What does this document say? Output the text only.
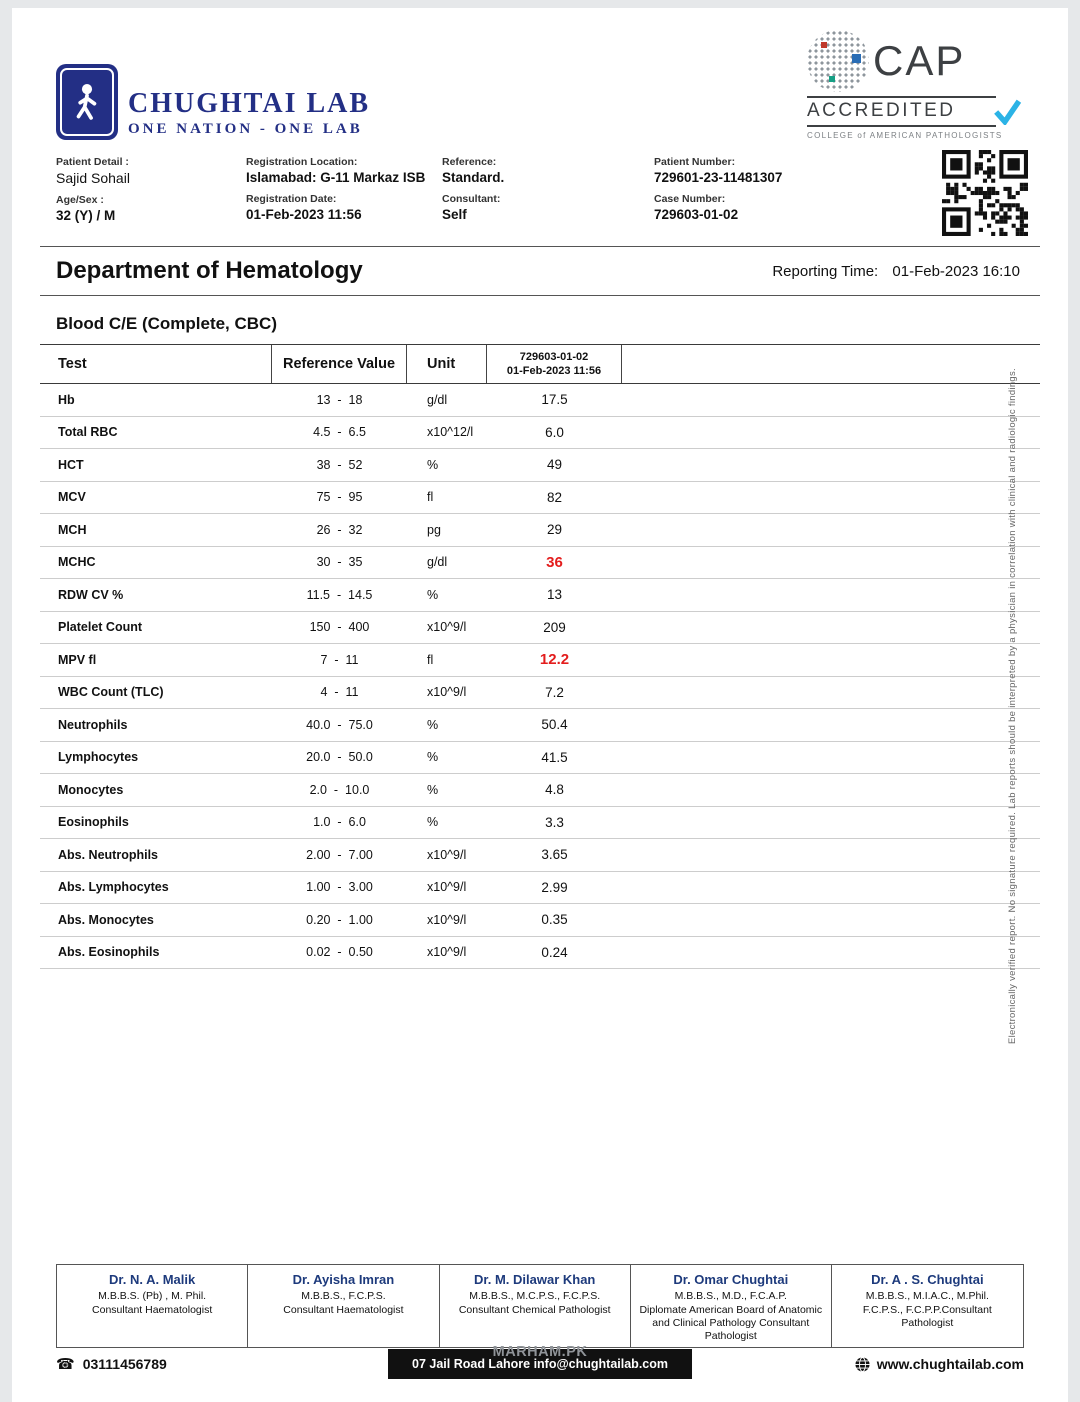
CHUGHTAI LAB
ONE NATION - ONE LAB
CAP
ACCREDITED
COLLEGE of AMERICAN PATHOLOGISTS
Patient Detail :
Sajid Sohail
Age/Sex :
32 (Y) / M
Registration Location:
Islamabad: G-11 Markaz ISB
Registration Date:
01-Feb-2023 11:56
Reference:
Standard.
Consultant:
Self
Patient Number:
729601-23-11481307
Case Number:
729603-01-02
Department of Hematology	Reporting Time: 01-Feb-2023 16:10
Blood C/E (Complete, CBC)
Test	Reference Value	Unit	729603-01-02
01-Feb-2023 11:56
Hb	13  -  18	g/dl	17.5
Total RBC	4.5  -  6.5	x10^12/l	6.0
HCT	38  -  52	%	49
MCV	75  -  95	fl	82
MCH	26  -  32	pg	29
MCHC	30  -  35	g/dl	36
RDW CV %	11.5  -  14.5	%	13
Platelet Count	150  -  400	x10^9/l	209
MPV fl	7  -  11	fl	12.2
WBC Count (TLC)	4  -  11	x10^9/l	7.2
Neutrophils	40.0  -  75.0	%	50.4
Lymphocytes	20.0  -  50.0	%	41.5
Monocytes	2.0  -  10.0	%	4.8
Eosinophils	1.0  -  6.0	%	3.3
Abs. Neutrophils	2.00  -  7.00	x10^9/l	3.65
Abs. Lymphocytes	1.00  -  3.00	x10^9/l	2.99
Abs. Monocytes	0.20  -  1.00	x10^9/l	0.35
Abs. Eosinophils	0.02  -  0.50	x10^9/l	0.24	Electronically verified report. No signature required. Lab reports should be interpreted by a physician in correlation with clinical and radiologic findings.
Dr. N. A. Malik
M.B.B.S. (Pb) , M. Phil.
Consultant Haematologist
Dr. Ayisha Imran
M.B.B.S., F.C.P.S.
Consultant Haematologist
Dr. M. Dilawar Khan
M.B.B.S., M.C.P.S., F.C.P.S.
Consultant Chemical Pathologist
Dr. Omar Chughtai
M.B.B.S., M.D., F.C.A.P.
Diplomate American Board of Anatomic and Clinical Pathology Consultant Pathologist
Dr. A . S. Chughtai
M.B.B.S., M.I.A.C., M.Phil.
F.C.P.S., F.C.P.P.Consultant Pathologist
☎ 03111456789
MARHAM.PK
07 Jail Road Lahore info@chughtailab.com	www.chughtailab.com
